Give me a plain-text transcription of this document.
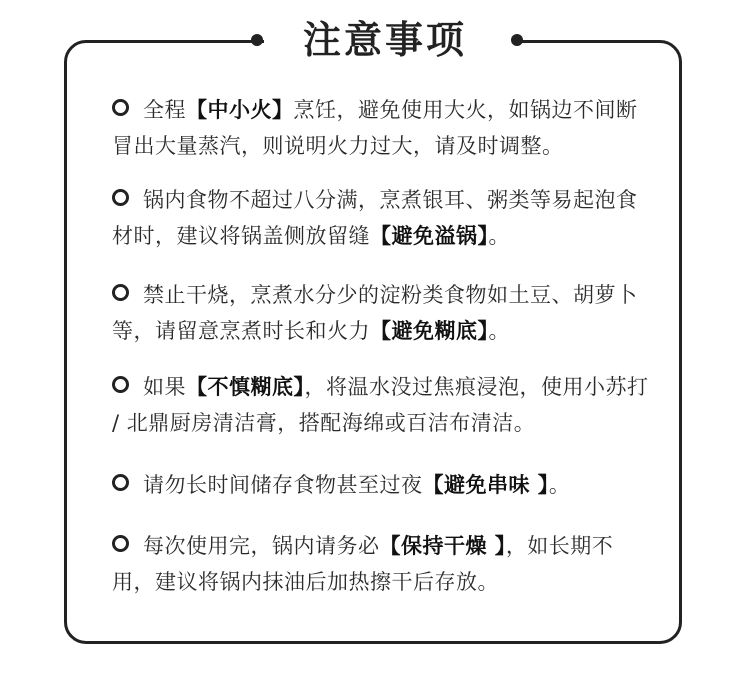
注意事项
全程【中小火】烹饪，避免使用大火，如锅边不间断冒出大量蒸汽，则说明火力过大，请及时调整。
锅内食物不超过八分满，烹煮银耳、粥类等易起泡食材时，建议将锅盖侧放留缝【避免溢锅】。
禁止干烧，烹煮水分少的淀粉类食物如土豆、胡萝卜等，请留意烹煮时长和火力【避免糊底】。
如果【不慎糊底】，将温水没过焦痕浸泡，使用小苏打 / 北鼎厨房清洁膏，搭配海绵或百洁布清洁。
请勿长时间储存食物甚至过夜【避免串味 】。
每次使用完，锅内请务必【保持干燥 】，如长期不用，建议将锅内抹油后加热擦干后存放。
